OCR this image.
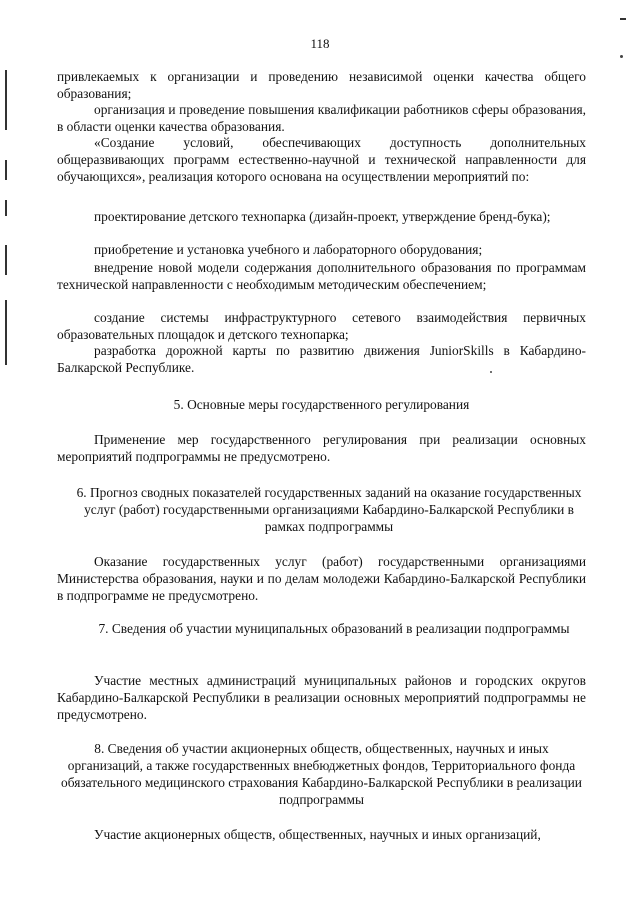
118

привлекаемых к организации и проведению независимой оценки качества общего образования;

организация и проведение повышения квалификации работников сферы образования, в области оценки качества образования.

«Создание условий, обеспечивающих доступность дополнительных общеразвивающих программ естественно-научной и технической направленности для обучающихся», реализация которого основана на осуществлении мероприятий по:

проектирование детского технопарка (дизайн-проект, утверждение бренд-бука);

приобретение и установка учебного и лабораторного оборудования;

внедрение новой модели содержания дополнительного образования по программам технической направленности с необходимым методическим обеспечением;

создание системы инфраструктурного сетевого взаимодействия первичных образовательных площадок и детского технопарка;

разработка дорожной карты по развитию движения JuniorSkills в Кабардино-Балкарской Республике.

5. Основные меры государственного регулирования

Применение мер государственного регулирования при реализации основных мероприятий подпрограммы не предусмотрено.

6. Прогноз сводных показателей государственных заданий на оказание государственных услуг (работ) государственными организациями Кабардино-Балкарской Республики в рамках подпрограммы

Оказание государственных услуг (работ) государственными организациями Министерства образования, науки и по делам молодежи Кабардино-Балкарской Республики в подпрограмме не предусмотрено.

7. Сведения об участии муниципальных образований в реализации подпрограммы

Участие местных администраций муниципальных районов и городских округов Кабардино-Балкарской Республики в реализации основных мероприятий подпрограммы не предусмотрено.

8. Сведения об участии акционерных обществ, общественных, научных и иных организаций, а также государственных внебюджетных фондов, Территориального фонда обязательного медицинского страхования Кабардино-Балкарской Республики в реализации подпрограммы

Участие акционерных обществ, общественных, научных и иных организаций,
